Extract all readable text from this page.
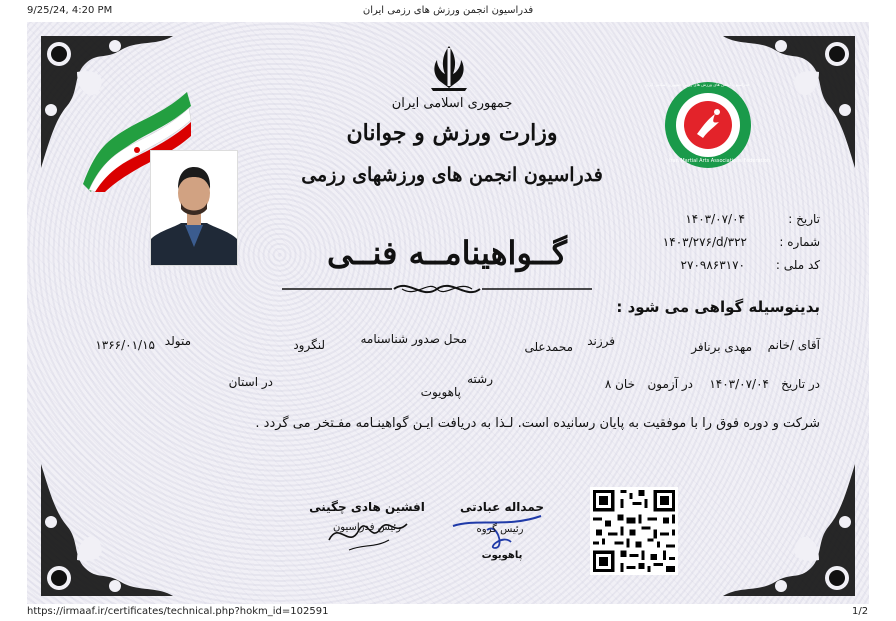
9/25/24, 4:20 PM	فدراسیون انجمن ورزش های رزمی ایران
https://irmaaf.ir/certificates/technical.php?hokm_id=102591	1/2
جمهوری اسلامی ایران
وزارت ورزش و جوانان
فدراسیون انجمن های ورزشهای رزمی
فدراسیون انجمن های ورزش های رزمی جمهوری اسلامی ایران
Iran Martial Arts Associations Federation
گــواهینامــه فنــی
تاریخ :
۱۴۰۳/۰۷/۰۴
شماره :
۱۴۰۳/۲۷۶/d/۳۲۲
کد ملی :
۲۷۰۹۸۶۳۱۷۰
بدینوسیله گواهی می شود :
آقای /خانم
مهدی برنافر
فرزند
محمدعلی
محل صدور شناسنامه
لنگرود
متولد
۱۳۶۶/۰۱/۱۵
در تاریخ
۱۴۰۳/۰۷/۰۴
در آزمون
خان ۸
رشته
پاهویوت
در استان
شرکت و دوره فوق را با موفقیت به پایان رسانیده است. لـذا به دریافت ایـن گواهینـامه مفـتخر می گردد .
افشین هادی چگینی
رئیس فدراسیون
حمداله عبادتی
رئیس گروه
پاهویوت
